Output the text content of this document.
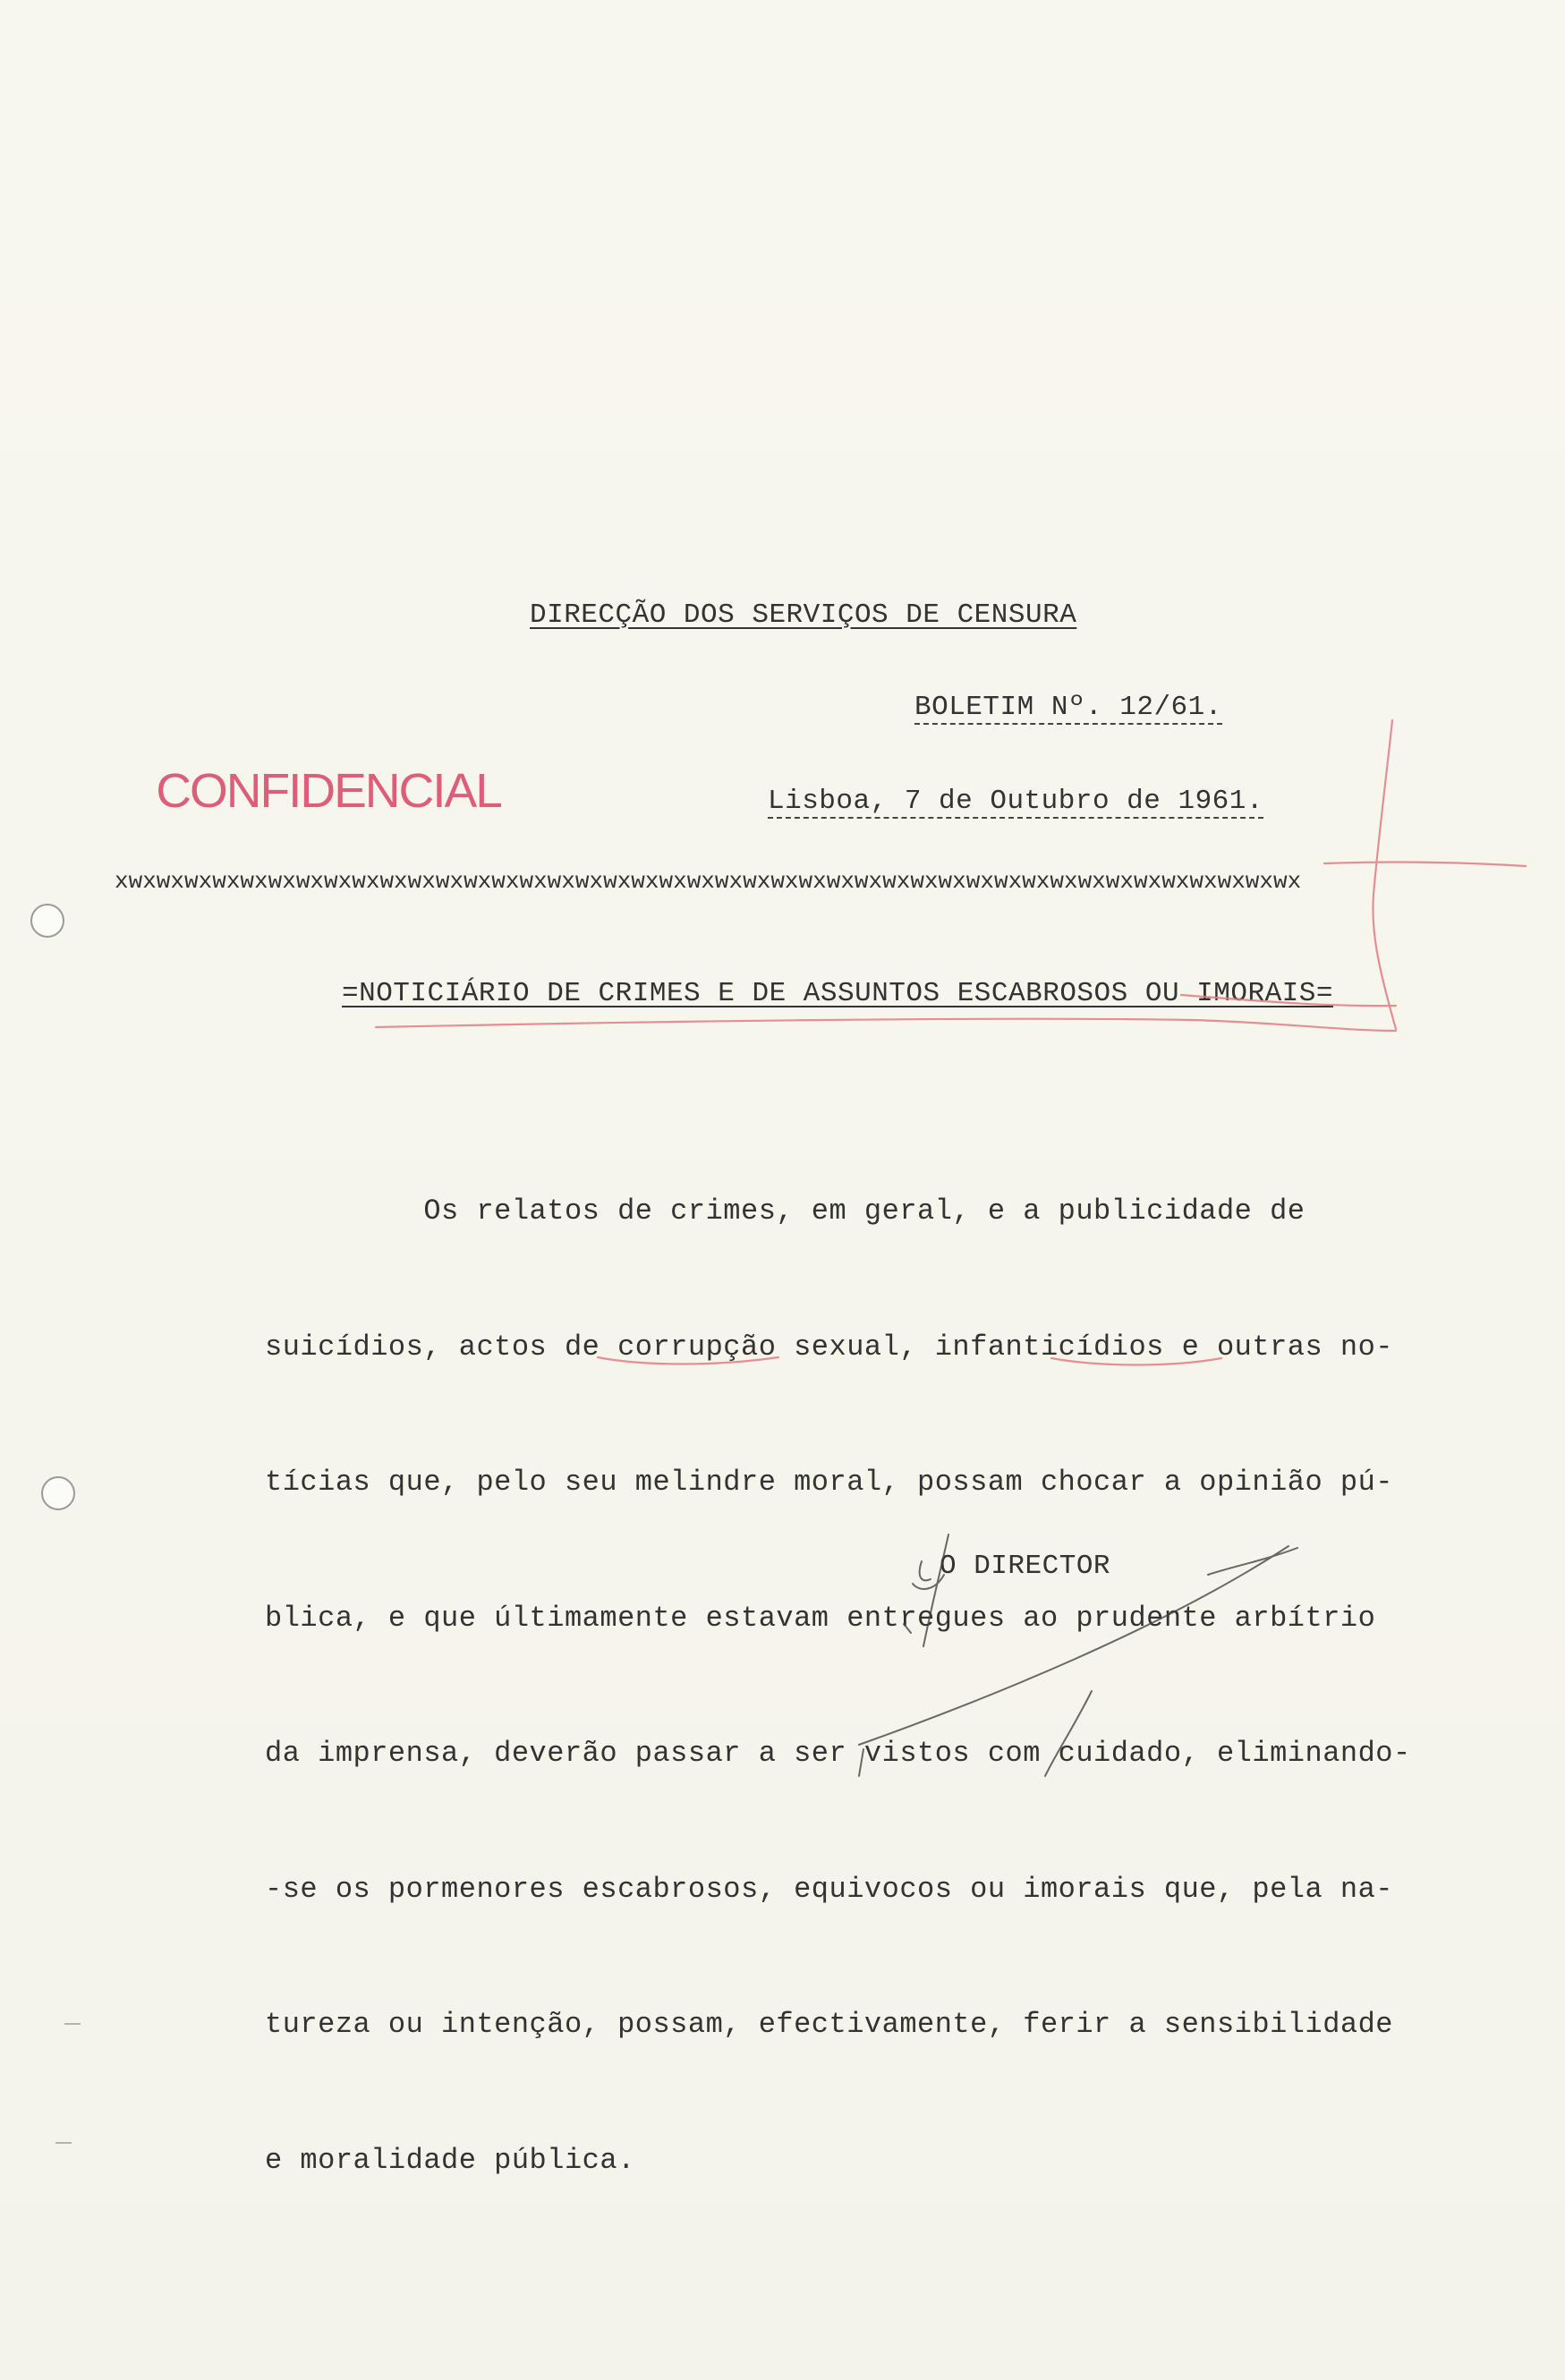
DIRECÇÃO DOS SERVIÇOS DE CENSURA
BOLETIM Nº. 12/61.
CONFIDENCIAL	Lisboa, 7 de Outubro de 1961.
xwxwxwxwxwxwxwxwxwxwxwxwxwxwxwxwxwxwxwxwxwxwxwxwxwxwxwxwxwxwxwxwxwxwxwxwxwxwxwxwxwxwx
=NOTICIÁRIO DE CRIMES E DE ASSUNTOS ESCABROSOS OU IMORAIS=

Os relatos de crimes, em geral, e a publicidade de

suicídios, actos de corrupção sexual, infanticídios e outras no-

tícias que, pelo seu melindre moral, possam chocar a opinião pú-

blica, e que últimamente estavam entregues ao prudente arbítrio

da imprensa, deverão passar a ser vistos com cuidado, eliminando-

-se os pormenores escabrosos, equivocos ou imorais que, pela na-

tureza ou intenção, possam, efectivamente, ferir a sensibilidade

e moralidade pública.

O DIRECTOR
